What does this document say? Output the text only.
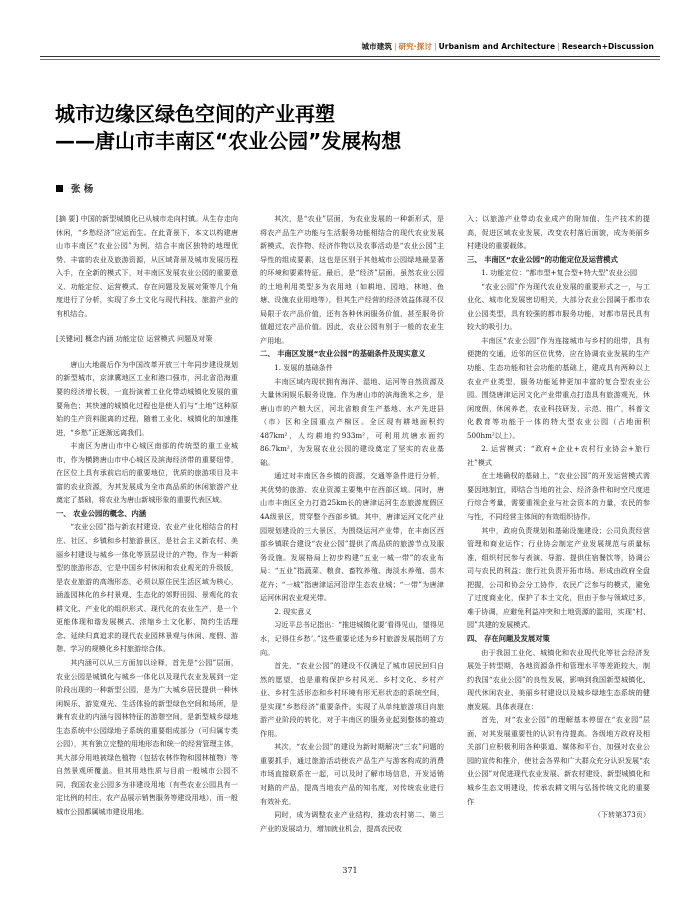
城市建筑 | 研究·探讨 | Urbanism and Architecture | Research+Discussion
城市边缘区绿色空间的产业再塑
——唐山市丰南区“农业公园”发展构想
张 杨
[摘 要] 中国的新型城镇化已从城市走向村镇。从生存走向休闲，“乡愁经济”应运而生。在此背景下，本文以构建唐山市丰南区“农业公园”为例，结合丰南区独特的地理优势、丰富的农业及旅游资源，从区域背景及城市发展历程入手，在全新的模式下，对丰南区发展农业公园的重要意义、功能定位、运营模式、存在问题及发展对策等几个角度进行了分析，实现了乡土文化与现代科技、旅游产业的有机结合。
[关键词] 概念内涵 功能定位 运营模式 问题及对策

唐山大地震后作为中国改革开放三十年同步建设规划的新型城市，京津冀地区工业和港口强市，河北省沿海重要的经济增长极，一直扮演着工业化带动城镇化发展的重要角色；其快速的城镇化过程也是使人们与“土地”这种原始的生产资料脱离的过程，随着工业化、城镇化的加速推进，“乡愁”正逐渐远离我们。

丰南区为唐山市中心城区南部的传统型的重工业城市，作为横跨唐山市中心城区及滨海经济带的重要纽带，在区位上具有承前启后的重要地位，优质的旅游项目及丰富的农业资源，为其发展成为全市高品质的休闲旅游产业奠定了基础，将农业为唐山新城形象的重要代表区域。

一、 农业公园的概念、内涵

“农业公园”指与新农村建设、农业产业化相结合的村庄、社区、乡镇和乡村旅游景区，是社会主义新农村、美丽乡村建设与城乡一体化等顶层设计的产物。作为一种新型的旅游形态，它是中国乡村休闲和农业观光的升级版，是农业旅游的高端形态，必须以原住民生活区域为核心，涵盖园林化的乡村景观、生态化的郊野田园、景观化的农耕文化、产业化的组织形式、现代化的农业生产，是一个更能体现和谐发展模式、浓缩乡土文化影、简约生活理念、延续归真追求的现代农业园林景观与休闲、度假、游憩、学习的规模化乡村旅游综合体。

其内涵可以从三方面加以诠释，首先是“公园”层面，农业公园是城镇化与城乡一体化以及现代农业发展到一定阶段出现的一种新型公园，是为广大城乡居民提供一种休闲娱乐、游览观光、生活体验的新型绿色空间和场所，是兼有农业的内涵与园林特征的游憩空间，是新型城乡绿地生态系统中公园绿地子系统的重要组成部分（可归属专类公园），其有独立完整的用地形态和统一的经营管理主体，其大部分用地被绿色植物（包括农林作物和园林植物）等自然景观所覆盖。但其用地性质与目前一般城市公园不同，我国农业公园多为非建设用地（有些农业公园具有一定比例的村庄、农产品展示销售服务等建设用地），而一般城市公园都属城市建设用地。

其次，是“农业”层面，为农业发展的一种新形式，是将农产品生产功能与生活服务功能相结合的现代农业发展新模式，农作物、经济作物以及农事活动是“农业公园”主导性的组成要素，这也是区别于其他城市公园绿地最显著的环境和要素特征。最后，是“经济”层面，虽然农业公园的土地利用类型多为农用地（如耕地、园地、林地、鱼塘、设施农业用地等），但其生产经营的经济效益体现不仅局限于农产品价值，还有各种休闲服务价值，甚至服务价值超过农产品价值。因此，农业公园有别于一般的农业生产用地。

二、 丰南区发展“农业公园”的基础条件及现实意义

1. 发展的基础条件

丰南区域内现状拥有海洋、湿地、运河等自然资源及大量休闲娱乐服务设施。作为唐山市的滨海渔米之乡，是唐山市的产粮大区，河北省粮食生产基地、水产先进县（市）区和全国重点产棉区。全区现有耕地面积约487km²，人均耕地约933m²，可利用坑塘水面约86.7km²，为发展农业公园的建设奠定了坚实的农业基础。

通过对丰南区各乡镇的资源、交通等条件进行分析，其优势的旅游、农业资源主要集中在西部区域。同时，唐山市丰南区全力打造25km长的唐津运河生态旅游度假区4A级景区，贯穿整个西部乡镇。其中，唐津运河文化产业园规划建设的三大景区，为围绕运河产业带，在丰南区西部乡镇联合建设“农业公园”提供了高品质的旅游节点及服务设施。发展格局上初步构建“五业一城一带”的农业布局：“五业”指蔬菜、粮食、畜牧养殖、海淡水养殖、苗木花卉；“一城”指唐津运河沿岸生态农业城；“一带”为唐津运河休闲农业观光带。

2. 现实意义

习近平总书记指出：“推进城镇化要‘看得见山，望得见水，记得住乡愁’。”这些重要论述为乡村旅游发展指明了方向。

首先，“农业公园”的建设不仅满足了城市居民回归自然的愿望，也是重构保护乡村风光、乡村文化、乡村产业、乡村生活形态和乡村环境有形无形状态的系统空间，是实现“乡愁经济”重要条件。实现了从单纯旅游项目向旅游产业阶段的转化，对于丰南区的服务业起到整体的推动作用。

其次，“农业公园”的建设为新时期解决“三农”问题的重要抓手，通过旅游活动使农产品生产与游客构成的消费市场直接联系在一起，可以及时了解市场信息，开发适销对路的产品，提高当地农产品的知名度，对传统农业进行有效补充。

同时，成为调整农业产业结构，推动农村第二、第三产业的发展动力，增加就业机会，提高农民收

入；以旅游产业带动农业成产的附加值、生产技术的提高，促进区域农业发展，改变农村落后面貌，成为美丽乡村建设的重要载体。

三、 丰南区“农业公园”的功能定位及运营模式

1. 功能定位：“都市型+复合型+特大型”农业公园

“农业公园”作为现代农业发展的重要形式之一，与工业化、城市化发展密切相关，大部分农业公园属于都市农业公园类型，具有较强的都市服务功能，对都市居民具有较大的吸引力。

丰南区“农业公园”作为连接城市与乡村的纽带，具有便捷的交通，近邻的区位优势，应在协调农业发展的生产功能、生态功能和社会功能的基础上，建成具有两种以上农业产业类型，服务功能延伸更加丰富的复合型农业公园。围绕唐津运河文化产业带重点打造具有旅游观光，休闲度假，休闲养老，农业科技研发、示范、推广，科普文化教育等功能于一体的特大型农业公园（占地面积500hm²以上）。

2. 运营模式：“政府+企业+农村行业协会+旅行社”模式

在土地确权的基础上，“农业公园”的开发运营模式需要因地制宜，即结合当地的社会、经济条件和时空尺度进行综合考量，需要重视企业与社会资本的力量，农民的参与性，不同经营主体间的有效组织协作。

其中，政府负责规划和基础设施建设；公司负责经营管理和商业运作；行业协会制定产业发展规范与质量标准，组织村民参与表演、导游、提供住宿餐饮等，协调公司与农民的利益；旅行社负责开拓市场。形成由政府全盘把握，公司和协会分工协作，农民广泛参与的模式，避免了过度商业化，保护了本土文化，但由于参与领域过多，难于协调，应避免利益冲突和土地资源的滥用，实现“村、园”共建的发展模式。

四、 存在问题及发展对策

由于我国工业化、城镇化和农业现代化等社会经济发展处于转型期，各地资源条件和管理水平等差距较大，制约我国“农业公园”的良性发展，影响到我国新型城镇化、现代休闲农业、美丽乡村建设以及城乡绿地生态系统的健康发展。具体表现在：

首先，对“农业公园”的理解基本停留在“农业园”层面，对其发展重要性的认识有待提高。各级地方政府及相关部门应积极利用各种渠道、媒体和平台，加强对农业公园的宣传和推介，使社会各界和广大群众充分认识发展“农业公园”对促进现代农业发展、新农村建设、新型城镇化和城乡生态文明建设，传承农耕文明与弘扬传统文化的重要作

（下转第373页）

371
